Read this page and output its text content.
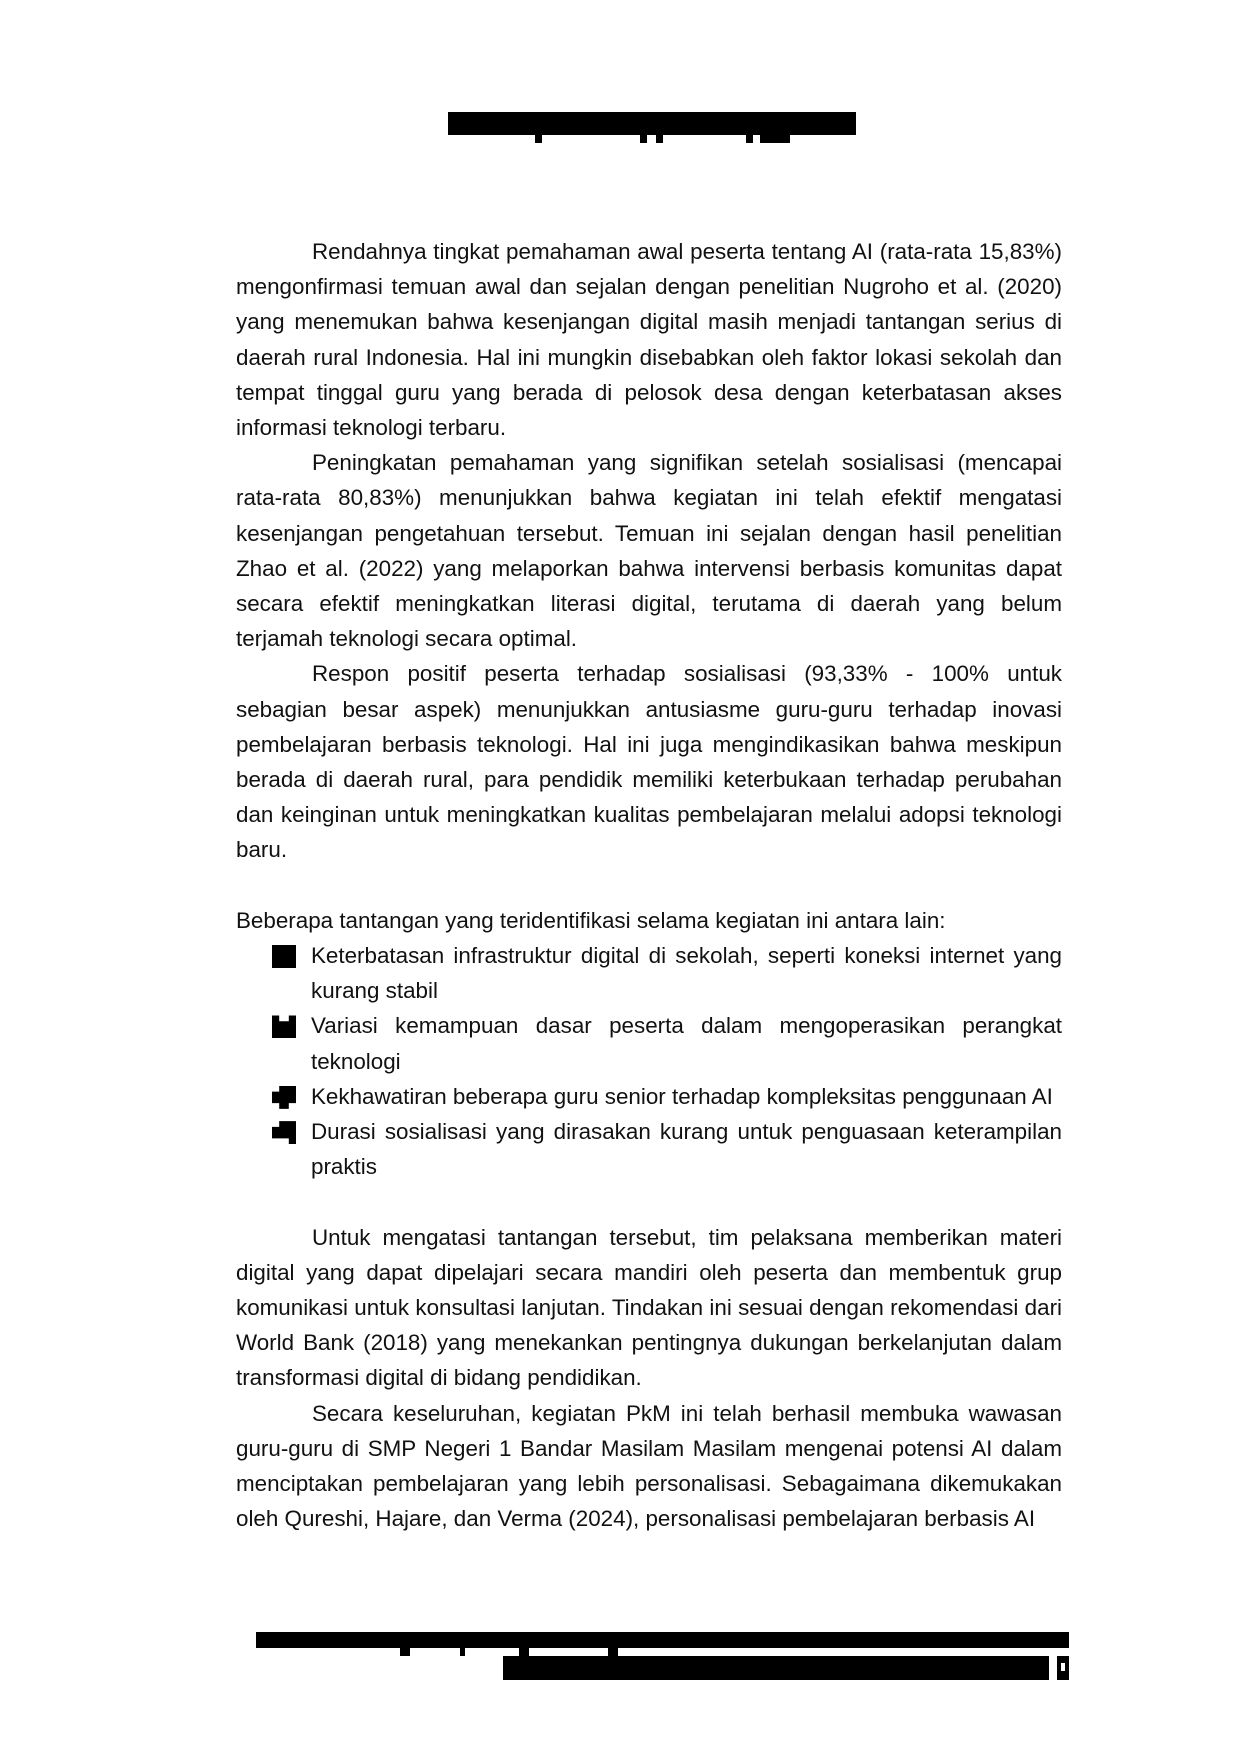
Rendahnya tingkat pemahaman awal peserta tentang AI (rata-rata 15,83%) mengonfirmasi temuan awal dan sejalan dengan penelitian Nugroho et al. (2020) yang menemukan bahwa kesenjangan digital masih menjadi tantangan serius di daerah rural Indonesia. Hal ini mungkin disebabkan oleh faktor lokasi sekolah dan tempat tinggal guru yang berada di pelosok desa dengan keterbatasan akses informasi teknologi terbaru.

Peningkatan pemahaman yang signifikan setelah sosialisasi (mencapai rata-rata 80,83%) menunjukkan bahwa kegiatan ini telah efektif mengatasi kesenjangan pengetahuan tersebut. Temuan ini sejalan dengan hasil penelitian Zhao et al. (2022) yang melaporkan bahwa intervensi berbasis komunitas dapat secara efektif meningkatkan literasi digital, terutama di daerah yang belum terjamah teknologi secara optimal.

Respon positif peserta terhadap sosialisasi (93,33% - 100% untuk sebagian besar aspek) menunjukkan antusiasme guru-guru terhadap inovasi pembelajaran berbasis teknologi. Hal ini juga mengindikasikan bahwa meskipun berada di daerah rural, para pendidik memiliki keterbukaan terhadap perubahan dan keinginan untuk meningkatkan kualitas pembelajaran melalui adopsi teknologi baru.

Beberapa tantangan yang teridentifikasi selama kegiatan ini antara lain:

Keterbatasan infrastruktur digital di sekolah, seperti koneksi internet yang kurang stabil
Variasi kemampuan dasar peserta dalam mengoperasikan perangkat teknologi
Kekhawatiran beberapa guru senior terhadap kompleksitas penggunaan AI
Durasi sosialisasi yang dirasakan kurang untuk penguasaan keterampilan praktis

Untuk mengatasi tantangan tersebut, tim pelaksana memberikan materi digital yang dapat dipelajari secara mandiri oleh peserta dan membentuk grup komunikasi untuk konsultasi lanjutan. Tindakan ini sesuai dengan rekomendasi dari World Bank (2018) yang menekankan pentingnya dukungan berkelanjutan dalam transformasi digital di bidang pendidikan.

Secara keseluruhan, kegiatan PkM ini telah berhasil membuka wawasan guru-guru di SMP Negeri 1 Bandar Masilam Masilam mengenai potensi AI dalam menciptakan pembelajaran yang lebih personalisasi. Sebagaimana dikemukakan oleh Qureshi, Hajare, dan Verma (2024), personalisasi pembelajaran berbasis AI
